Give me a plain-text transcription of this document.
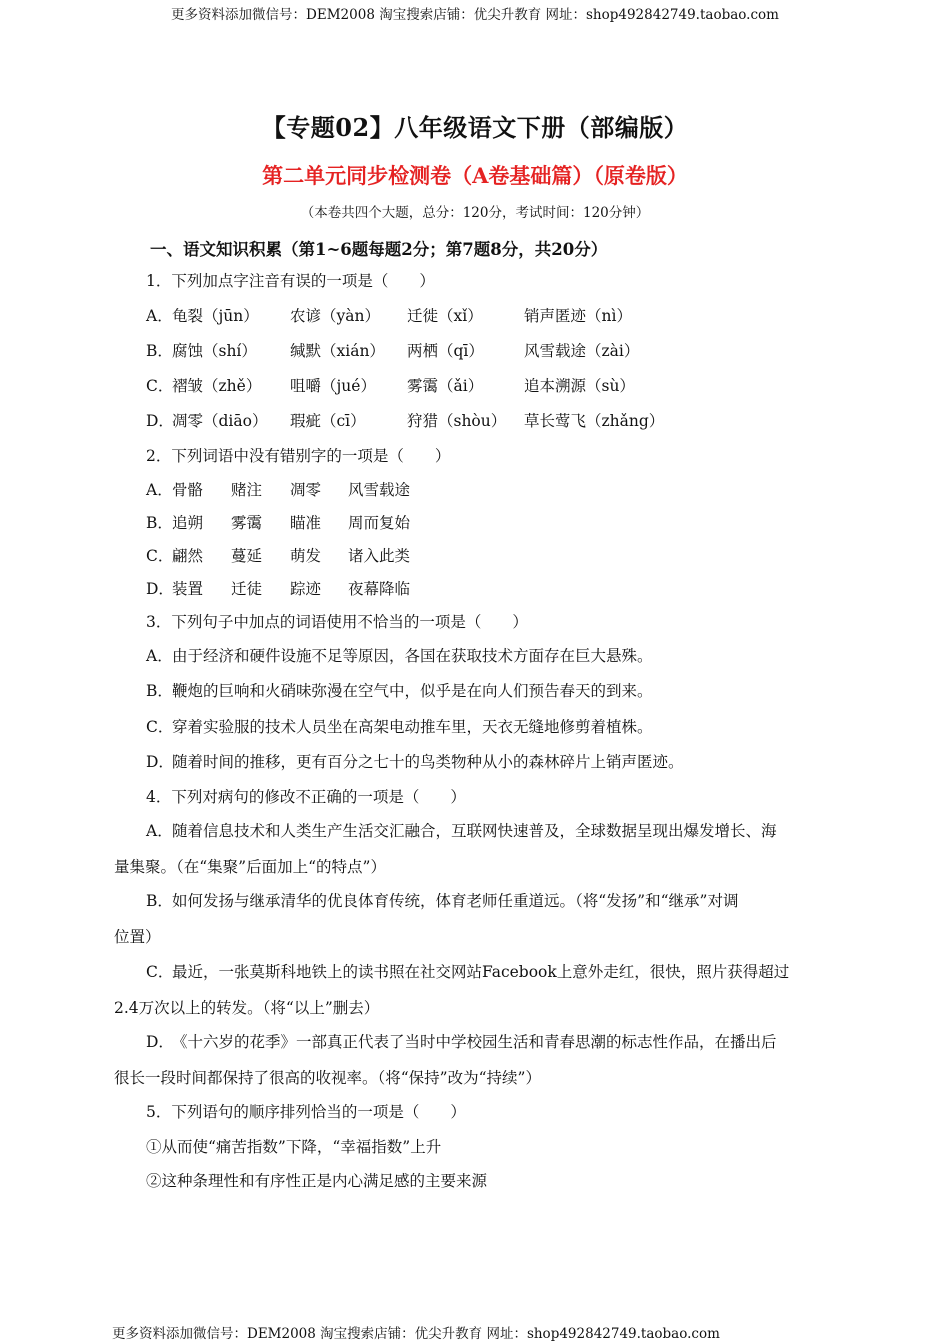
更多资料添加微信号：DEM2008 淘宝搜索店铺：优尖升教育 网址：shop492842749.taobao.com
更多资料添加微信号：DEM2008 淘宝搜索店铺：优尖升教育 网址：shop492842749.taobao.com
【专题02】八年级语文下册（部编版）
第二单元同步检测卷（A卷基础篇）（原卷版）
（本卷共四个大题，总分：120分，考试时间：120分钟）
一、语文知识积累（第1~6题每题2分；第7题8分，共20分）
1．下列加点字注音有误的一项是（　　）
A． 龟裂（jūn） 农谚（yàn） 迁徙（xǐ）	销声匿迹（nì）
B． 腐蚀（shí） 缄默（xián） 两栖（qī）	风雪载途（zài）
C．
褶皱（zhě） 咀嚼（jué） 雾霭（ǎi）	追本溯源（sù）
D．
凋零（diāo） 瑕疵（cī）	狩猎（shòu） 草长莺飞（zhǎng）
2．下列词语中没有错别字的一项是（　　）
A． 骨骼 赌注 凋零 风雪载途
B． 追朔 雾霭 瞄准 周而复始
C．
翩然 蔓延 萌发 诸入此类
D．
装置 迁徒 踪迹 夜幕降临
3．下列句子中加点的词语使用不恰当的一项是（　　）
A． 由于经济和硬件设施不足等原因，各国在获取技术方面存在巨大悬殊。
B． 鞭炮的巨响和火硝味弥漫在空气中，似乎是在向人们预告春天的到来。
C．
穿着实验服的技术人员坐在高架电动推车里，天衣无缝地修剪着植株。
D．
随着时间的推移，更有百分之七十的鸟类物种从小的森林碎片上销声匿迹。
4．下列对病句的修改不正确的一项是（　　）
A． 随着信息技术和人类生产生活交汇融合，互联网快速普及，全球数据呈现出爆发增长、海
量集聚。（在“集聚”后面加上“的特点”）
B． 如何发扬与继承清华的优良体育传统，体育老师任重道远。（将“发扬”和“继承”对调
位置）
C．
最近，一张莫斯科地铁上的读书照在社交网站Facebook上意外走红，很快，照片获得超过
2.4万次以上的转发。（将“以上”删去）
D．
《十六岁的花季》一部真正代表了当时中学校园生活和青春思潮的标志性作品，在播出后
很长一段时间都保持了很高的收视率。（将“保持”改为“持续”）
5．下列语句的顺序排列恰当的一项是（　　）
①从而使“痛苦指数”下降，“幸福指数”上升
②这种条理性和有序性正是内心满足感的主要来源
